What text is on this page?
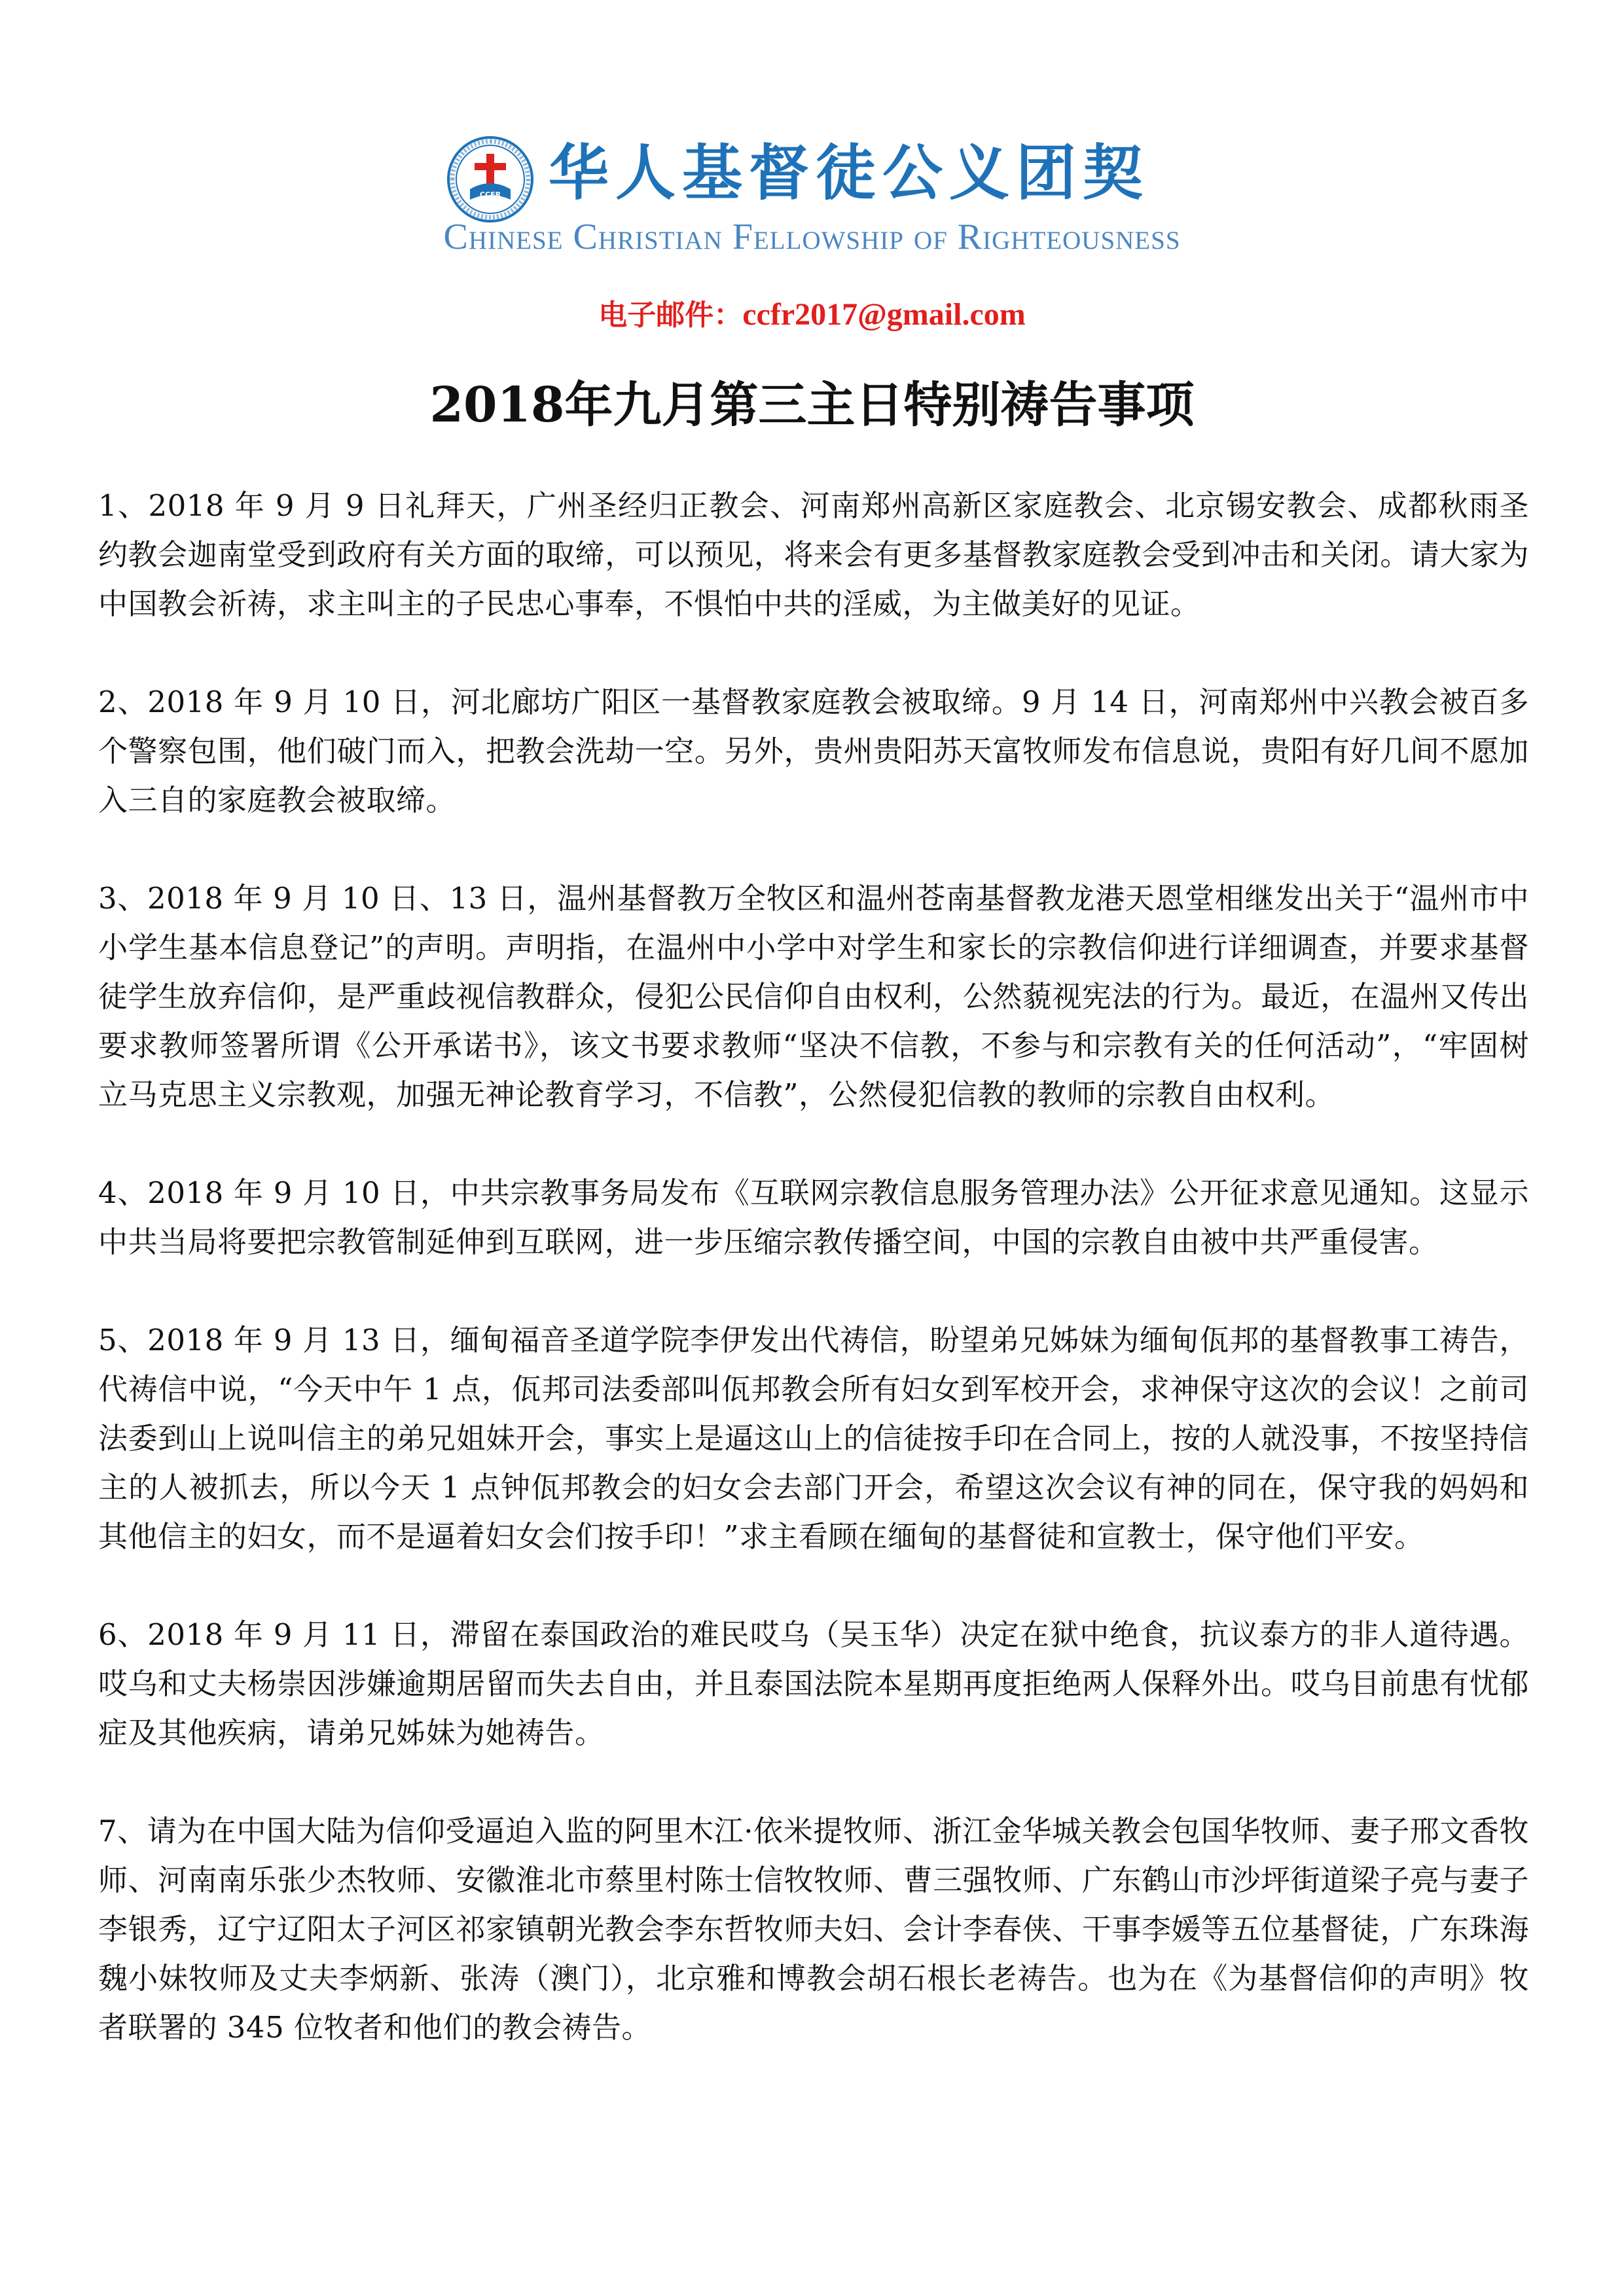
CCFR 华人基督徒公义团契
Chinese Christian Fellowship of Righteousness
电子邮件：ccfr2017@gmail.com
2018年九月第三主日特别祷告事项

1、2018 年 9 月 9 日礼拜天，广州圣经归正教会、河南郑州高新区家庭教会、北京锡安教会、成都秋雨圣约教会迦南堂受到政府有关方面的取缔，可以预见，将来会有更多基督教家庭教会受到冲击和关闭。请大家为中国教会祈祷，求主叫主的子民忠心事奉，不惧怕中共的淫威，为主做美好的见证。

2、2018 年 9 月 10 日，河北廊坊广阳区一基督教家庭教会被取缔。9 月 14 日，河南郑州中兴教会被百多个警察包围，他们破门而入，把教会洗劫一空。另外，贵州贵阳苏天富牧师发布信息说，贵阳有好几间不愿加入三自的家庭教会被取缔。

3、2018 年 9 月 10 日、13 日，温州基督教万全牧区和温州苍南基督教龙港天恩堂相继发出关于“温州市中小学生基本信息登记”的声明。声明指，在温州中小学中对学生和家长的宗教信仰进行详细调查，并要求基督徒学生放弃信仰，是严重歧视信教群众，侵犯公民信仰自由权利，公然藐视宪法的行为。最近，在温州又传出要求教师签署所谓《公开承诺书》，该文书要求教师“坚决不信教，不参与和宗教有关的任何活动”，“牢固树立马克思主义宗教观，加强无神论教育学习，不信教”，公然侵犯信教的教师的宗教自由权利。

4、2018 年 9 月 10 日，中共宗教事务局发布《互联网宗教信息服务管理办法》公开征求意见通知。这显示中共当局将要把宗教管制延伸到互联网，进一步压缩宗教传播空间，中国的宗教自由被中共严重侵害。

5、2018 年 9 月 13 日，缅甸福音圣道学院李伊发出代祷信，盼望弟兄姊妹为缅甸佤邦的基督教事工祷告，代祷信中说，“今天中午 1 点，佤邦司法委部叫佤邦教会所有妇女到军校开会，求神保守这次的会议！之前司法委到山上说叫信主的弟兄姐妹开会，事实上是逼这山上的信徒按手印在合同上，按的人就没事，不按坚持信主的人被抓去，所以今天 1 点钟佤邦教会的妇女会去部门开会，希望这次会议有神的同在，保守我的妈妈和其他信主的妇女，而不是逼着妇女会们按手印！”求主看顾在缅甸的基督徒和宣教士，保守他们平安。

6、2018 年 9 月 11 日，滞留在泰国政治的难民哎乌（吴玉华）决定在狱中绝食，抗议泰方的非人道待遇。哎乌和丈夫杨崇因涉嫌逾期居留而失去自由，并且泰国法院本星期再度拒绝两人保释外出。哎乌目前患有忧郁症及其他疾病，请弟兄姊妹为她祷告。

7、请为在中国大陆为信仰受逼迫入监的阿里木江·依米提牧师、浙江金华城关教会包国华牧师、妻子邢文香牧师、河南南乐张少杰牧师、安徽淮北市蔡里村陈士信牧牧师、曹三强牧师、广东鹤山市沙坪街道梁子亮与妻子李银秀，辽宁辽阳太子河区祁家镇朝光教会李东哲牧师夫妇、会计李春侠、干事李媛等五位基督徒，广东珠海魏小妹牧师及丈夫李炳新、张涛（澳门），北京雅和博教会胡石根长老祷告。也为在《为基督信仰的声明》牧者联署的 345 位牧者和他们的教会祷告。
